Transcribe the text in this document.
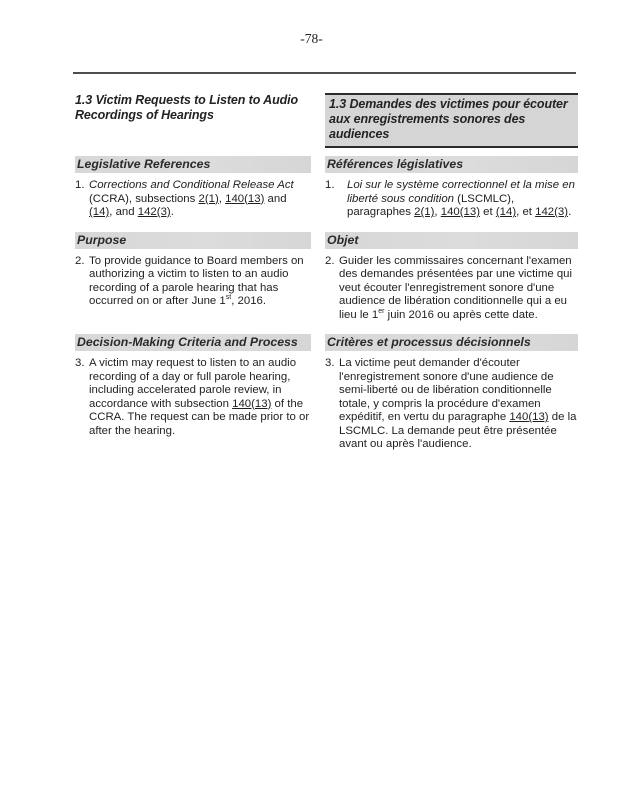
-78-
1.3 Victim Requests to Listen to Audio Recordings of Hearings
Legislative References

1. Corrections and Conditional Release Act (CCRA), subsections 2(1), 140(13) and (14), and 142(3).

Purpose

2. To provide guidance to Board members on authorizing a victim to listen to an audio recording of a parole hearing that has occurred on or after June 1st, 2016.

Decision-Making Criteria and Process

3. A victim may request to listen to an audio recording of a day or full parole hearing, including accelerated parole review, in accordance with subsection 140(13) of the CCRA. The request can be made prior to or after the hearing.

1.3 Demandes des victimes pour écouter aux enregistrements sonores des audiences
Références législatives

1. Loi sur le système correctionnel et la mise en liberté sous condition (LSCMLC), paragraphes 2(1), 140(13) et (14), et 142(3).

Objet

2. Guider les commissaires concernant l'examen des demandes présentées par une victime qui veut écouter l'enregistrement sonore d'une audience de libération conditionnelle qui a eu lieu le 1er juin 2016 ou après cette date.

Critères et processus décisionnels

3. La victime peut demander d'écouter l'enregistrement sonore d'une audience de semi-liberté ou de libération conditionnelle totale, y compris la procédure d'examen expéditif, en vertu du paragraphe 140(13) de la LSCMLC. La demande peut être présentée avant ou après l'audience.
